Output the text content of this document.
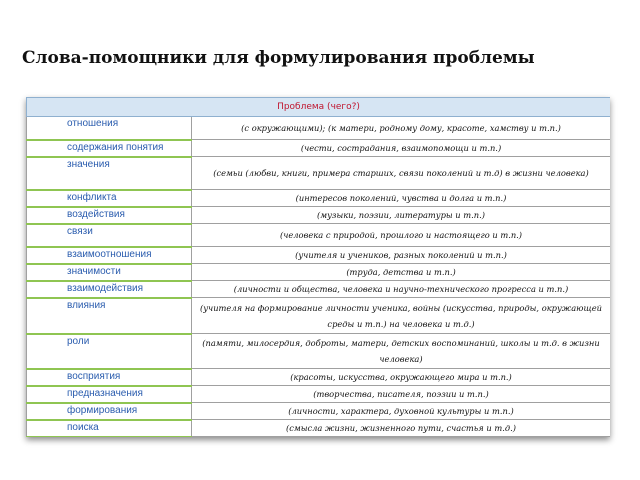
Слова-помощники для формулирования проблемы
Проблема (чего?)	
отношения	(с окружающими); (к матери, родному дому, красоте, хамству и т.п.)
содержания понятия	(чести, сострадания, взаимопомощи и т.п.)
значения	(семьи (любви, книги, примера старших, связи поколений и т.д) в жизни человека)
конфликта	(интересов поколений, чувства и долга и т.п.)
воздействия	(музыки, поэзии, литературы и т.п.)
связи	(человека с природой, прошлого и настоящего и т.п.)
взаимоотношения	(учителя и учеников, разных поколений и т.п.)
значимости	(труда, детства и т.п.)
взаимодействия	(личности и общества, человека и научно-технического прогресса и т.п.)
влияния	(учителя на формирование личности ученика, войны (искусства, природы, окружающей среды и т.п.) на человека и т.д.)
роли	(памяти, милосердия, доброты, матери, детских воспоминаний, школы и т.д. в жизни человека)
восприятия	(красоты, искусства, окружающего мира и т.п.)
предназначения	(творчества, писателя, поэзии и т.п.)
формирования	(личности, характера, духовной культуры и т.п.)
поиска	(смысла жизни, жизненного пути, счастья и т.д.)
